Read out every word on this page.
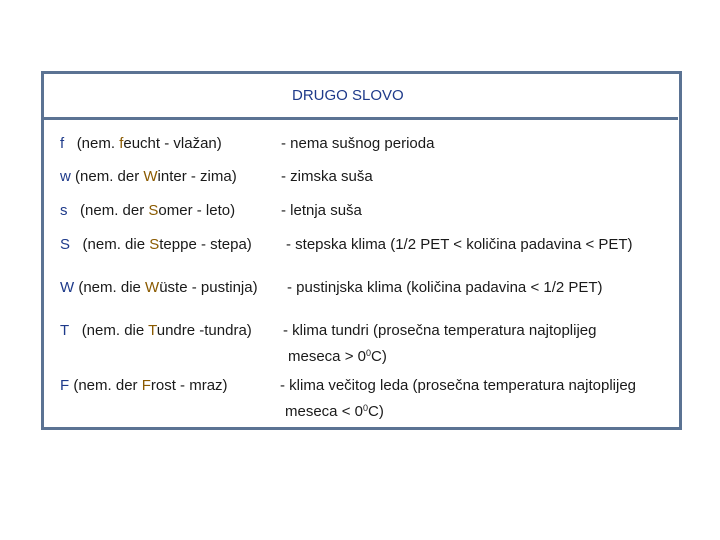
DRUGO SLOVO
f (nem. feucht - vlažan)	- nema sušnog perioda
w (nem. der Winter - zima)	- zimska suša
s (nem. der Somer - leto)	- letnja suša
S (nem. die Steppe - stepa) - stepska klima (1/2 PET < količina padavina < PET)
W (nem. die Wüste - pustinja) - pustinjska klima (količina padavina < 1/2 PET)
T (nem. die Tundre -tundra) - klima tundri (prosečna temperatura najtoplijeg
$meseca > 0^0C$)
F (nem. der Frost - mraz)	- klima večitog leda (prosečna temperatura najtoplijeg
$meseca < 0^0C$)
